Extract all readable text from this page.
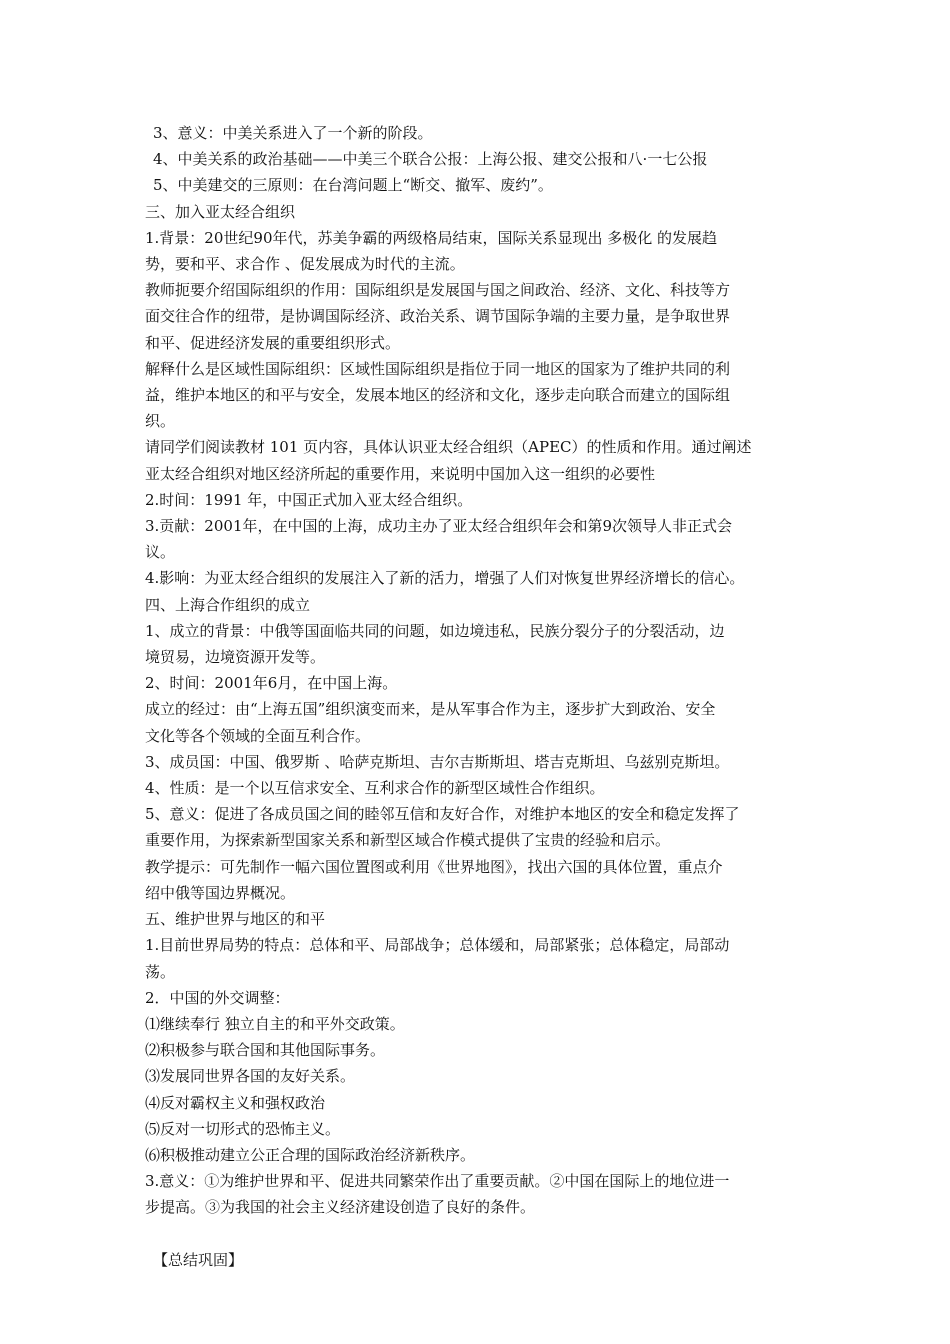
3、意义：中美关系进入了一个新的阶段。
4、中美关系的政治基础——中美三个联合公报：上海公报、建交公报和八·一七公报
5、中美建交的三原则：在台湾问题上“断交、撤军、废约”。
三、加入亚太经合组织
1.背景：20世纪90年代，苏美争霸的两级格局结束，国际关系显现出 多极化 的发展趋
势，要和平、求合作 、促发展成为时代的主流。
教师扼要介绍国际组织的作用：国际组织是发展国与国之间政治、经济、文化、科技等方
面交往合作的纽带，是协调国际经济、政治关系、调节国际争端的主要力量，是争取世界
和平、促进经济发展的重要组织形式。
解释什么是区域性国际组织：区域性国际组织是指位于同一地区的国家为了维护共同的利
益，维护本地区的和平与安全，发展本地区的经济和文化，逐步走向联合而建立的国际组
织。
请同学们阅读教材 101 页内容，具体认识亚太经合组织（APEC）的性质和作用。通过阐述
亚太经合组织对地区经济所起的重要作用，来说明中国加入这一组织的必要性
2.时间：1991 年，中国正式加入亚太经合组织。
3.贡献：2001年，在中国的上海，成功主办了亚太经合组织年会和第9次领导人非正式会
议。
4.影响：为亚太经合组织的发展注入了新的活力，增强了人们对恢复世界经济增长的信心。
四、上海合作组织的成立
1、成立的背景：中俄等国面临共同的问题，如边境违私，民族分裂分子的分裂活动，边
境贸易，边境资源开发等。
2、时间：2001年6月，在中国上海。
成立的经过：由“上海五国”组织演变而来，是从军事合作为主，逐步扩大到政治、安全
文化等各个领域的全面互利合作。
3、成员国：中国、俄罗斯 、哈萨克斯坦、吉尔吉斯斯坦、塔吉克斯坦、乌兹别克斯坦。
4、性质：是一个以互信求安全、互利求合作的新型区域性合作组织。
5、意义：促进了各成员国之间的睦邻互信和友好合作，对维护本地区的安全和稳定发挥了
重要作用，为探索新型国家关系和新型区域合作模式提供了宝贵的经验和启示。
教学提示：可先制作一幅六国位置图或利用《世界地图》，找出六国的具体位置，重点介
绍中俄等国边界概况。
五、维护世界与地区的和平
1.目前世界局势的特点：总体和平、局部战争；总体缓和，局部紧张；总体稳定，局部动
荡。
2．中国的外交调整：
⑴继续奉行 独立自主的和平外交政策。
⑵积极参与联合国和其他国际事务。
⑶发展同世界各国的友好关系。
⑷反对霸权主义和强权政治
⑸反对一切形式的恐怖主义。
⑹积极推动建立公正合理的国际政治经济新秩序。
3.意义：①为维护世界和平、促进共同繁荣作出了重要贡献。②中国在国际上的地位进一
步提高。③为我国的社会主义经济建设创造了良好的条件。
【总结巩固】
